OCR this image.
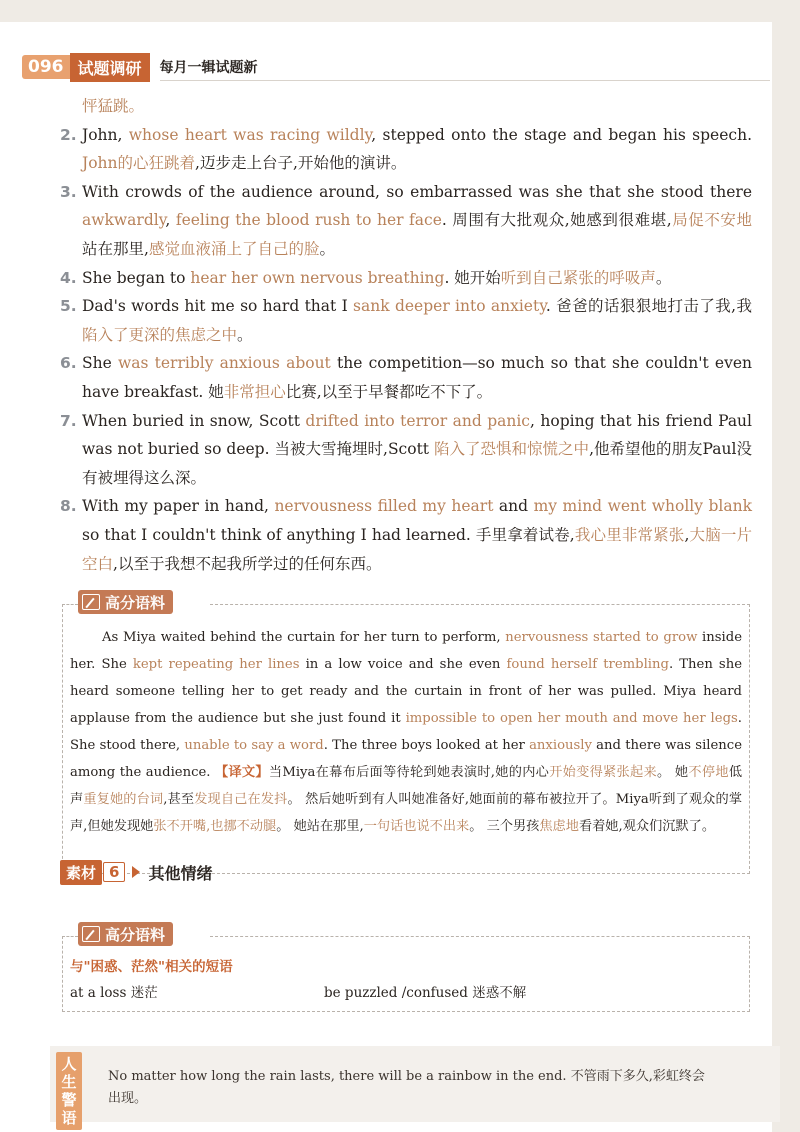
096 试题调研	每月一辑试题新
怦猛跳。
2. John, whose heart was racing wildly, stepped onto the stage and began his speech. John的心狂跳着,迈步走上台子,开始他的演讲。
3. With crowds of the audience around, so embarrassed was she that she stood there awkwardly, feeling the blood rush to her face. 周围有大批观众,她感到很难堪,局促不安地站在那里,感觉血液涌上了自己的脸。
4. She began to hear her own nervous breathing. 她开始听到自己紧张的呼吸声。
5. Dad's words hit me so hard that I sank deeper into anxiety. 爸爸的话狠狠地打击了我,我陷入了更深的焦虑之中。
6. She was terribly anxious about the competition—so much so that she couldn't even have breakfast. 她非常担心比赛,以至于早餐都吃不下了。
7. When buried in snow, Scott drifted into terror and panic, hoping that his friend Paul was not buried so deep. 当被大雪掩埋时,Scott 陷入了恐惧和惊慌之中,他希望他的朋友Paul没有被埋得这么深。
8. With my paper in hand, nervousness filled my heart and my mind went wholly blank so that I couldn't think of anything I had learned. 手里拿着试卷,我心里非常紧张,大脑一片空白,以至于我想不起我所学过的任何东西。
高分语料
As Miya waited behind the curtain for her turn to perform, nervousness started to grow inside her. She kept repeating her lines in a low voice and she even found herself trembling. Then she heard someone telling her to get ready and the curtain in front of her was pulled. Miya heard applause from the audience but she just found it impossible to open her mouth and move her legs. She stood there, unable to say a word. The three boys looked at her anxiously and there was silence among the audience. 【译文】当Miya在幕布后面等待轮到她表演时,她的内心开始变得紧张起来。 她不停地低声重复她的台词,甚至发现自己在发抖。 然后她听到有人叫她准备好,她面前的幕布被拉开了。Miya听到了观众的掌声,但她发现她张不开嘴,也挪不动腿。 她站在那里,一句话也说不出来。 三个男孩焦虑地看着她,观众们沉默了。
素材 6	其他情绪
高分语料
与"困惑、茫然"相关的短语
at a loss 迷茫	be puzzled /confused 迷惑不解
人生警语
No matter how long the rain lasts, there will be a rainbow in the end. 不管雨下多久,彩虹终会出现。
